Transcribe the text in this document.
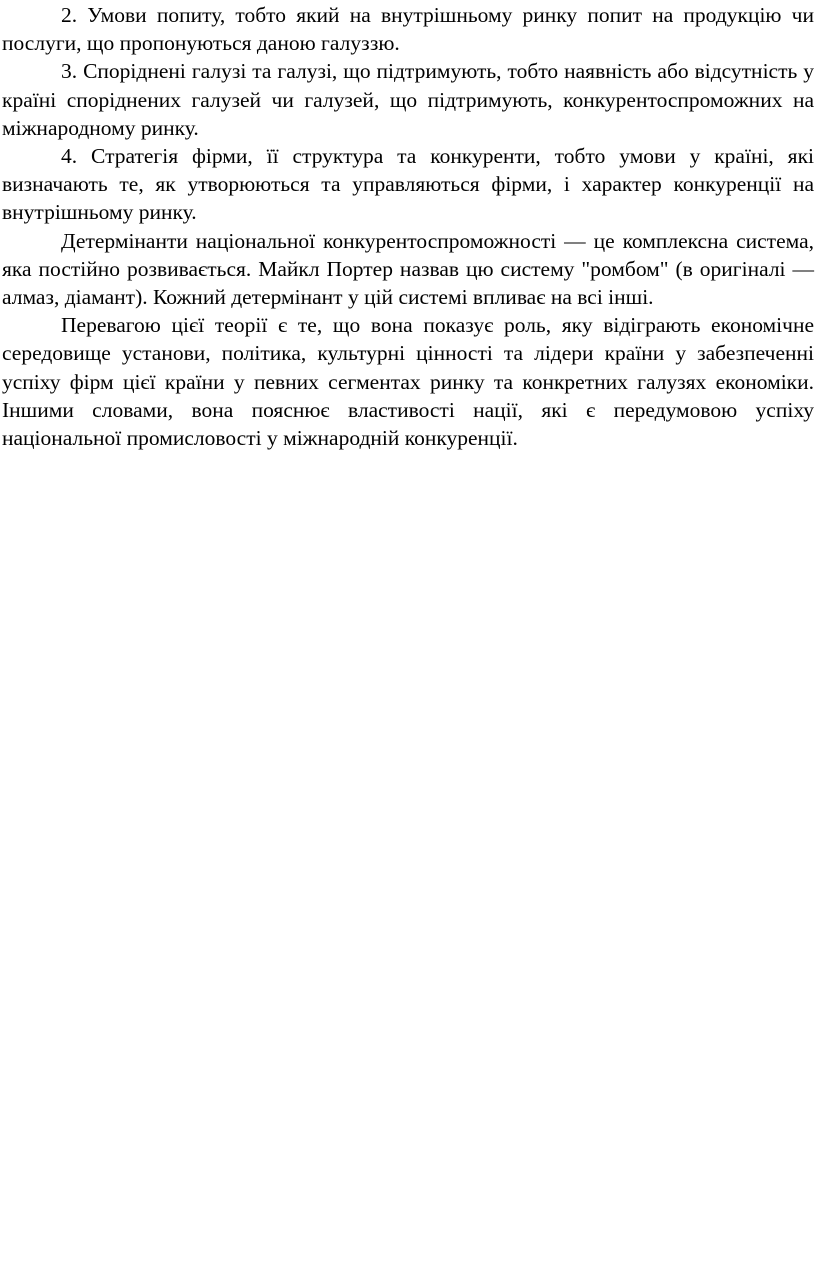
2. Умови попиту, тобто який на внутрішньому ринку попит на продукцію чи послуги, що пропонуються даною галуззю.

3. Споріднені галузі та галузі, що підтримують, тобто наявність або відсутність у країні споріднених галузей чи галузей, що підтримують, конкурентоспроможних на міжнародному ринку.

4. Стратегія фірми, її структура та конкуренти, тобто умови у країні, які визначають те, як утворюються та управляються фірми, і характер конкуренції на внутрішньому ринку.

Детермінанти національної конкурентоспроможності — це комплексна система, яка постійно розвивається. Майкл Портер назвав цю систему "ромбом" (в оригіналі — алмаз, діамант). Кожний детермінант у цій системі впливає на всі інші.

Перевагою цієї теорії є те, що вона показує роль, яку відіграють економічне середовище установи, політика, культурні цінності та лідери країни у забезпеченні успіху фірм цієї країни у певних сегментах ринку та конкретних галузях економіки. Іншими словами, вона пояснює властивості нації, які є передумовою успіху національної промисловості у міжнародній конкуренції.
